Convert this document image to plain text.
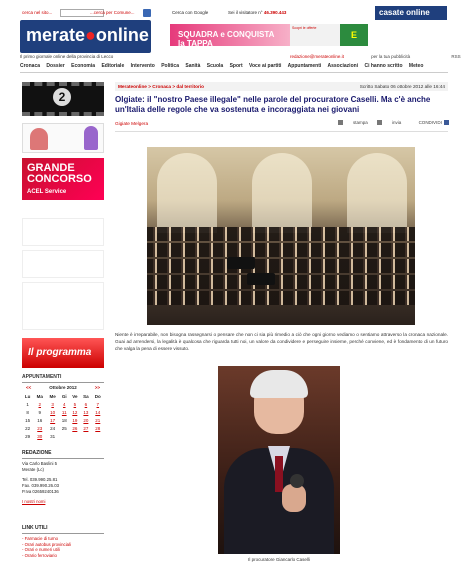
cerca nel sito...	...cerca per Comune...	Cerca con Google	Sei il visitatore n° 46.390.443	casate online
merate●online
Il primo giornale online della provincia di Lecco
SQUADRA e CONQUISTA la TAPPA
Scopri le offerte
E
redazione@merateonline.it	per la tua pubblicità	RSS
Cronaca Dossier Economia Editoriale Intervento Politica Sanità Scuola Sport Voce ai partiti Appuntamenti Associazioni Ci hanno scritto Meteo
2
GRANDE CONCORSO
ACEL Service
Il programma
APPUNTAMENTI
<<	Ottobre 2012	>>
Lu	Ma	Me	Gi	Ve	Sa	Do
1	2	3	4	5	6	7
8	9	10	11	12	13	14
15	16	17	18	19	20	21
22	23	24	25	26	27	28
29	30	31				
REDAZIONE
Via Carlo Baslini 5
Merate (Lc)
Tel. 039.990.25.81
Fax. 039.990.26.03
P.Iva 02659240136
I nostri nomi
LINK UTILI
- Farmacie di turno
- Orari autobus provinciali
- Orari e numeri utili
- Orario ferroviario
Merateonline > Cronaca > dal territorio	Scritto Sabato 06 ottobre 2012 alle 16:44
Olgiate: il "nostro Paese illegale" nelle parole del procuratore Caselli. Ma c'è anche un'Italia delle regole che va sostenuta e incoraggiata nei giovani
Gigiate Melgera	stampa	invia	CONDIVIDI
Niente è irreparabile, non bisogna rassegnarsi o pensare che non ci sia più rimedio a ciò che ogni giorno vediamo o sentiamo attraverso la cronaca nazionale. Guai ad arrendersi, la legalità è qualcosa che riguarda tutti noi, un valore da condividere e perseguire insieme, perché conviene, ed è fondamento di un futuro che valga la pena di essere vissuto.
Il procuratore Giancarlo Caselli
